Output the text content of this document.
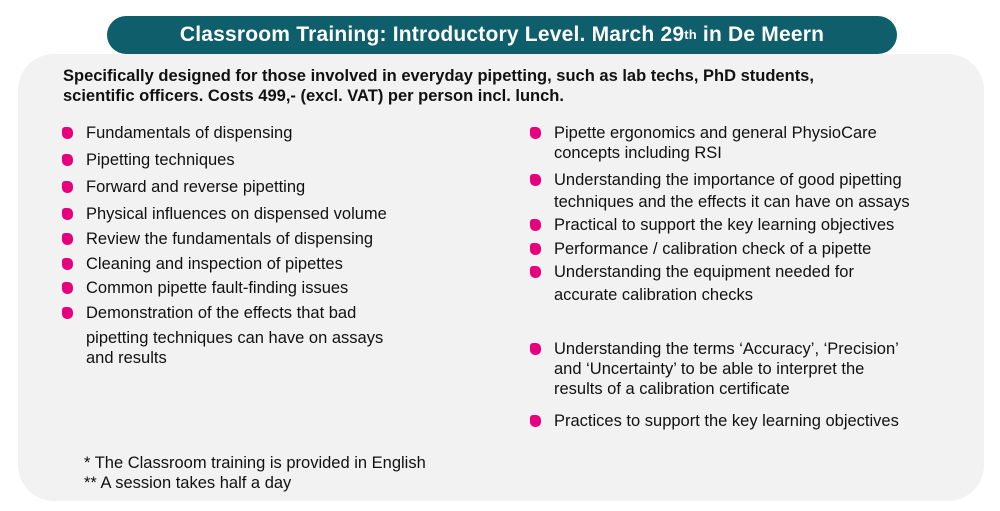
Classroom Training: Introductory Level. March 29 th in De Meern
Specifically designed for those involved in everyday pipetting, such as lab techs, PhD students,
scientific officers. Costs 499,- (excl. VAT) per person incl. lunch.
Fundamentals of dispensing
Pipetting techniques
Forward and reverse pipetting
Physical influences on dispensed volume
Review the fundamentals of dispensing
Cleaning and inspection of pipettes
Common pipette fault-finding issues
Demonstration of the effects that bad
pipetting techniques can have on assays
and results
Pipette ergonomics and general PhysioCare
concepts including RSI
Understanding the importance of good pipetting
techniques and the effects it can have on assays
Practical to support the key learning objectives
Performance / calibration check of a pipette
Understanding the equipment needed for
accurate calibration checks
Understanding the terms ‘Accuracy’, ‘Precision’
and ‘Uncertainty’ to be able to interpret the
results of a calibration certificate
Practices to support the key learning objectives
* The Classroom training is provided in English
** A session takes half a day
